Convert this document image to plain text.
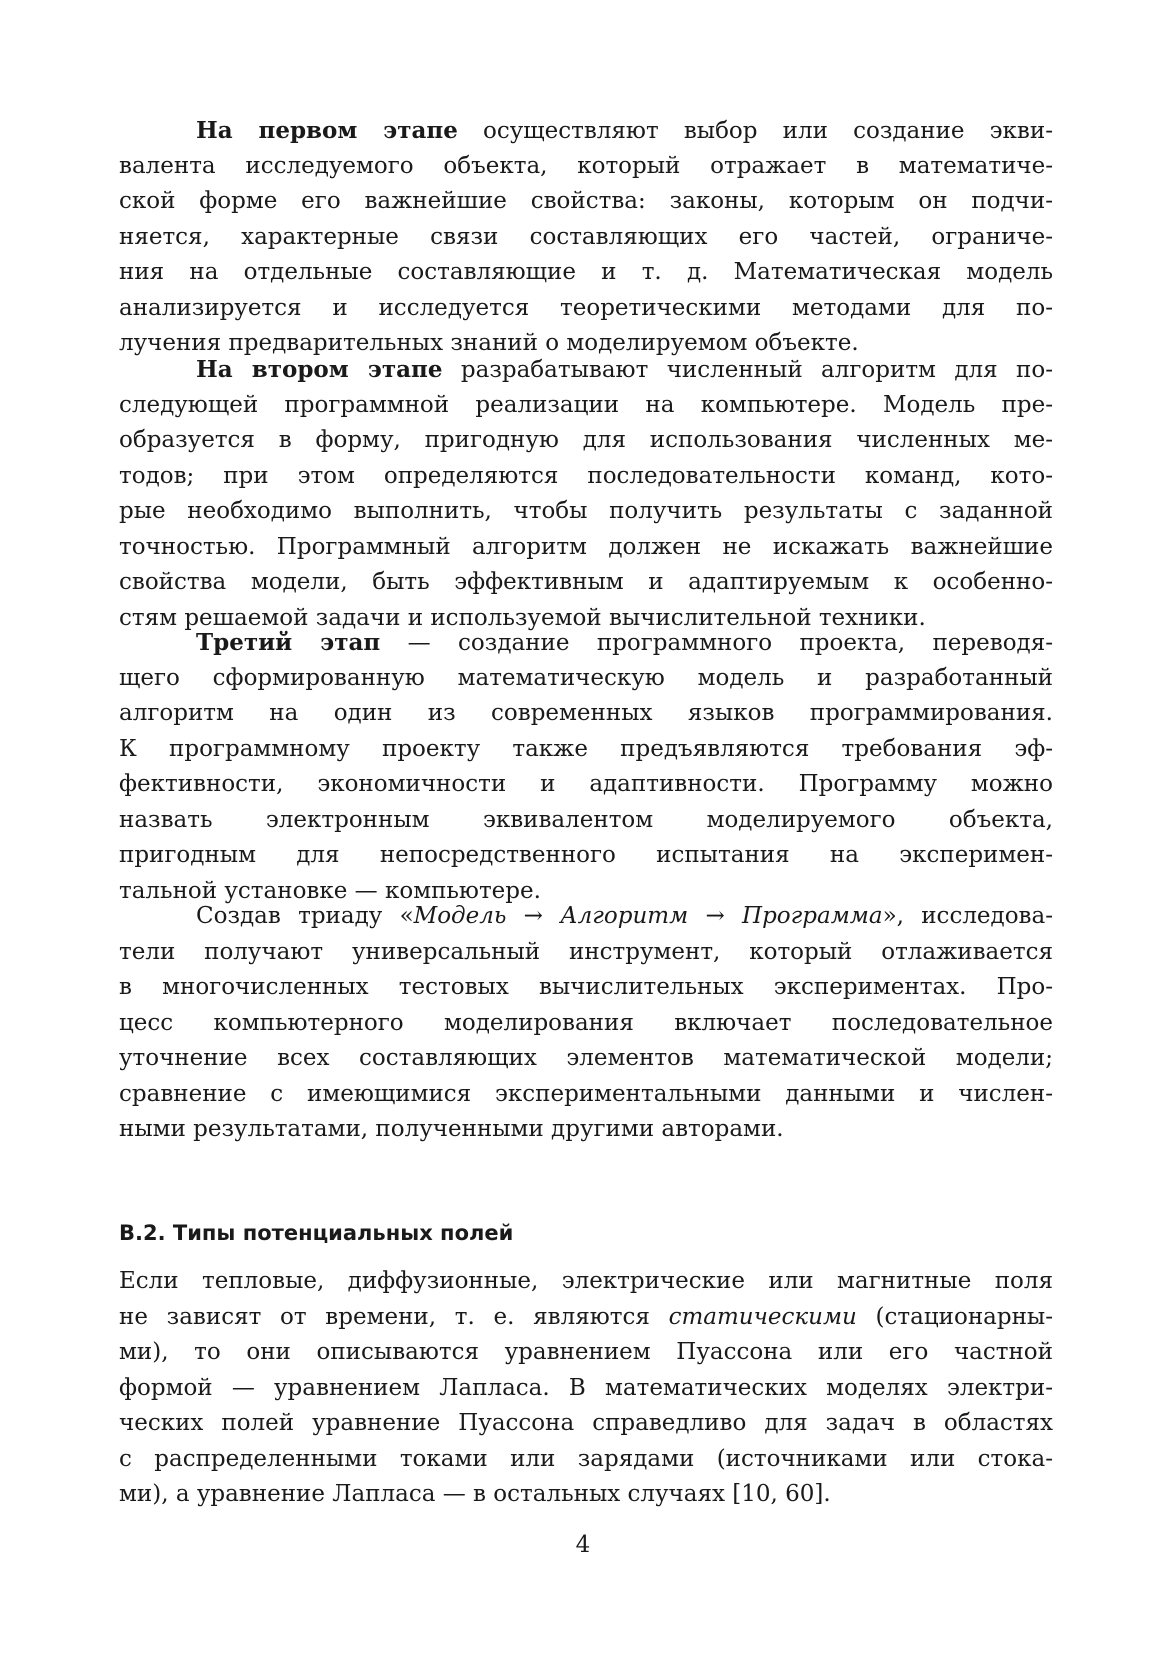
На первом этапе осуществляют выбор или создание экви-
валента исследуемого объекта, который отражает в математиче-
ской форме его важнейшие свойства: законы, которым он подчи-
няется, характерные связи составляющих его частей, ограниче-
ния на отдельные составляющие и т. д. Математическая модель
анализируется и исследуется теоретическими методами для по-
лучения предварительных знаний о моделируемом объекте.
На втором этапе разрабатывают численный алгоритм для по-
следующей программной реализации на компьютере. Модель пре-
образуется в форму, пригодную для использования численных ме-
тодов; при этом определяются последовательности команд, кото-
рые необходимо выполнить, чтобы получить результаты с заданной
точностью. Программный алгоритм должен не искажать важнейшие
свойства модели, быть эффективным и адаптируемым к особенно-
стям решаемой задачи и используемой вычислительной техники.
Третий этап — создание программного проекта, переводя-
щего сформированную математическую модель и разработанный
алгоритм на один из современных языков программирования.
К программному проекту также предъявляются требования эф-
фективности, экономичности и адаптивности. Программу можно
назвать электронным эквивалентом моделируемого объекта,
пригодным для непосредственного испытания на эксперимен-
тальной установке — компьютере.
Создав триаду «Модель → Алгоритм → Программа», исследова-
тели получают универсальный инструмент, который отлаживается
в многочисленных тестовых вычислительных экспериментах. Про-
цесс компьютерного моделирования включает последовательное
уточнение всех составляющих элементов математической модели;
сравнение с имеющимися экспериментальными данными и числен-
ными результатами, полученными другими авторами.
В.2. Типы потенциальных полей
Если тепловые, диффузионные, электрические или магнитные поля
не зависят от времени, т. е. являются статическими (стационарны-
ми), то они описываются уравнением Пуассона или его частной
формой — уравнением Лапласа. В математических моделях электри-
ческих полей уравнение Пуассона справедливо для задач в областях
с распределенными токами или зарядами (источниками или стока-
ми), а уравнение Лапласа — в остальных случаях [10, 60].
4
